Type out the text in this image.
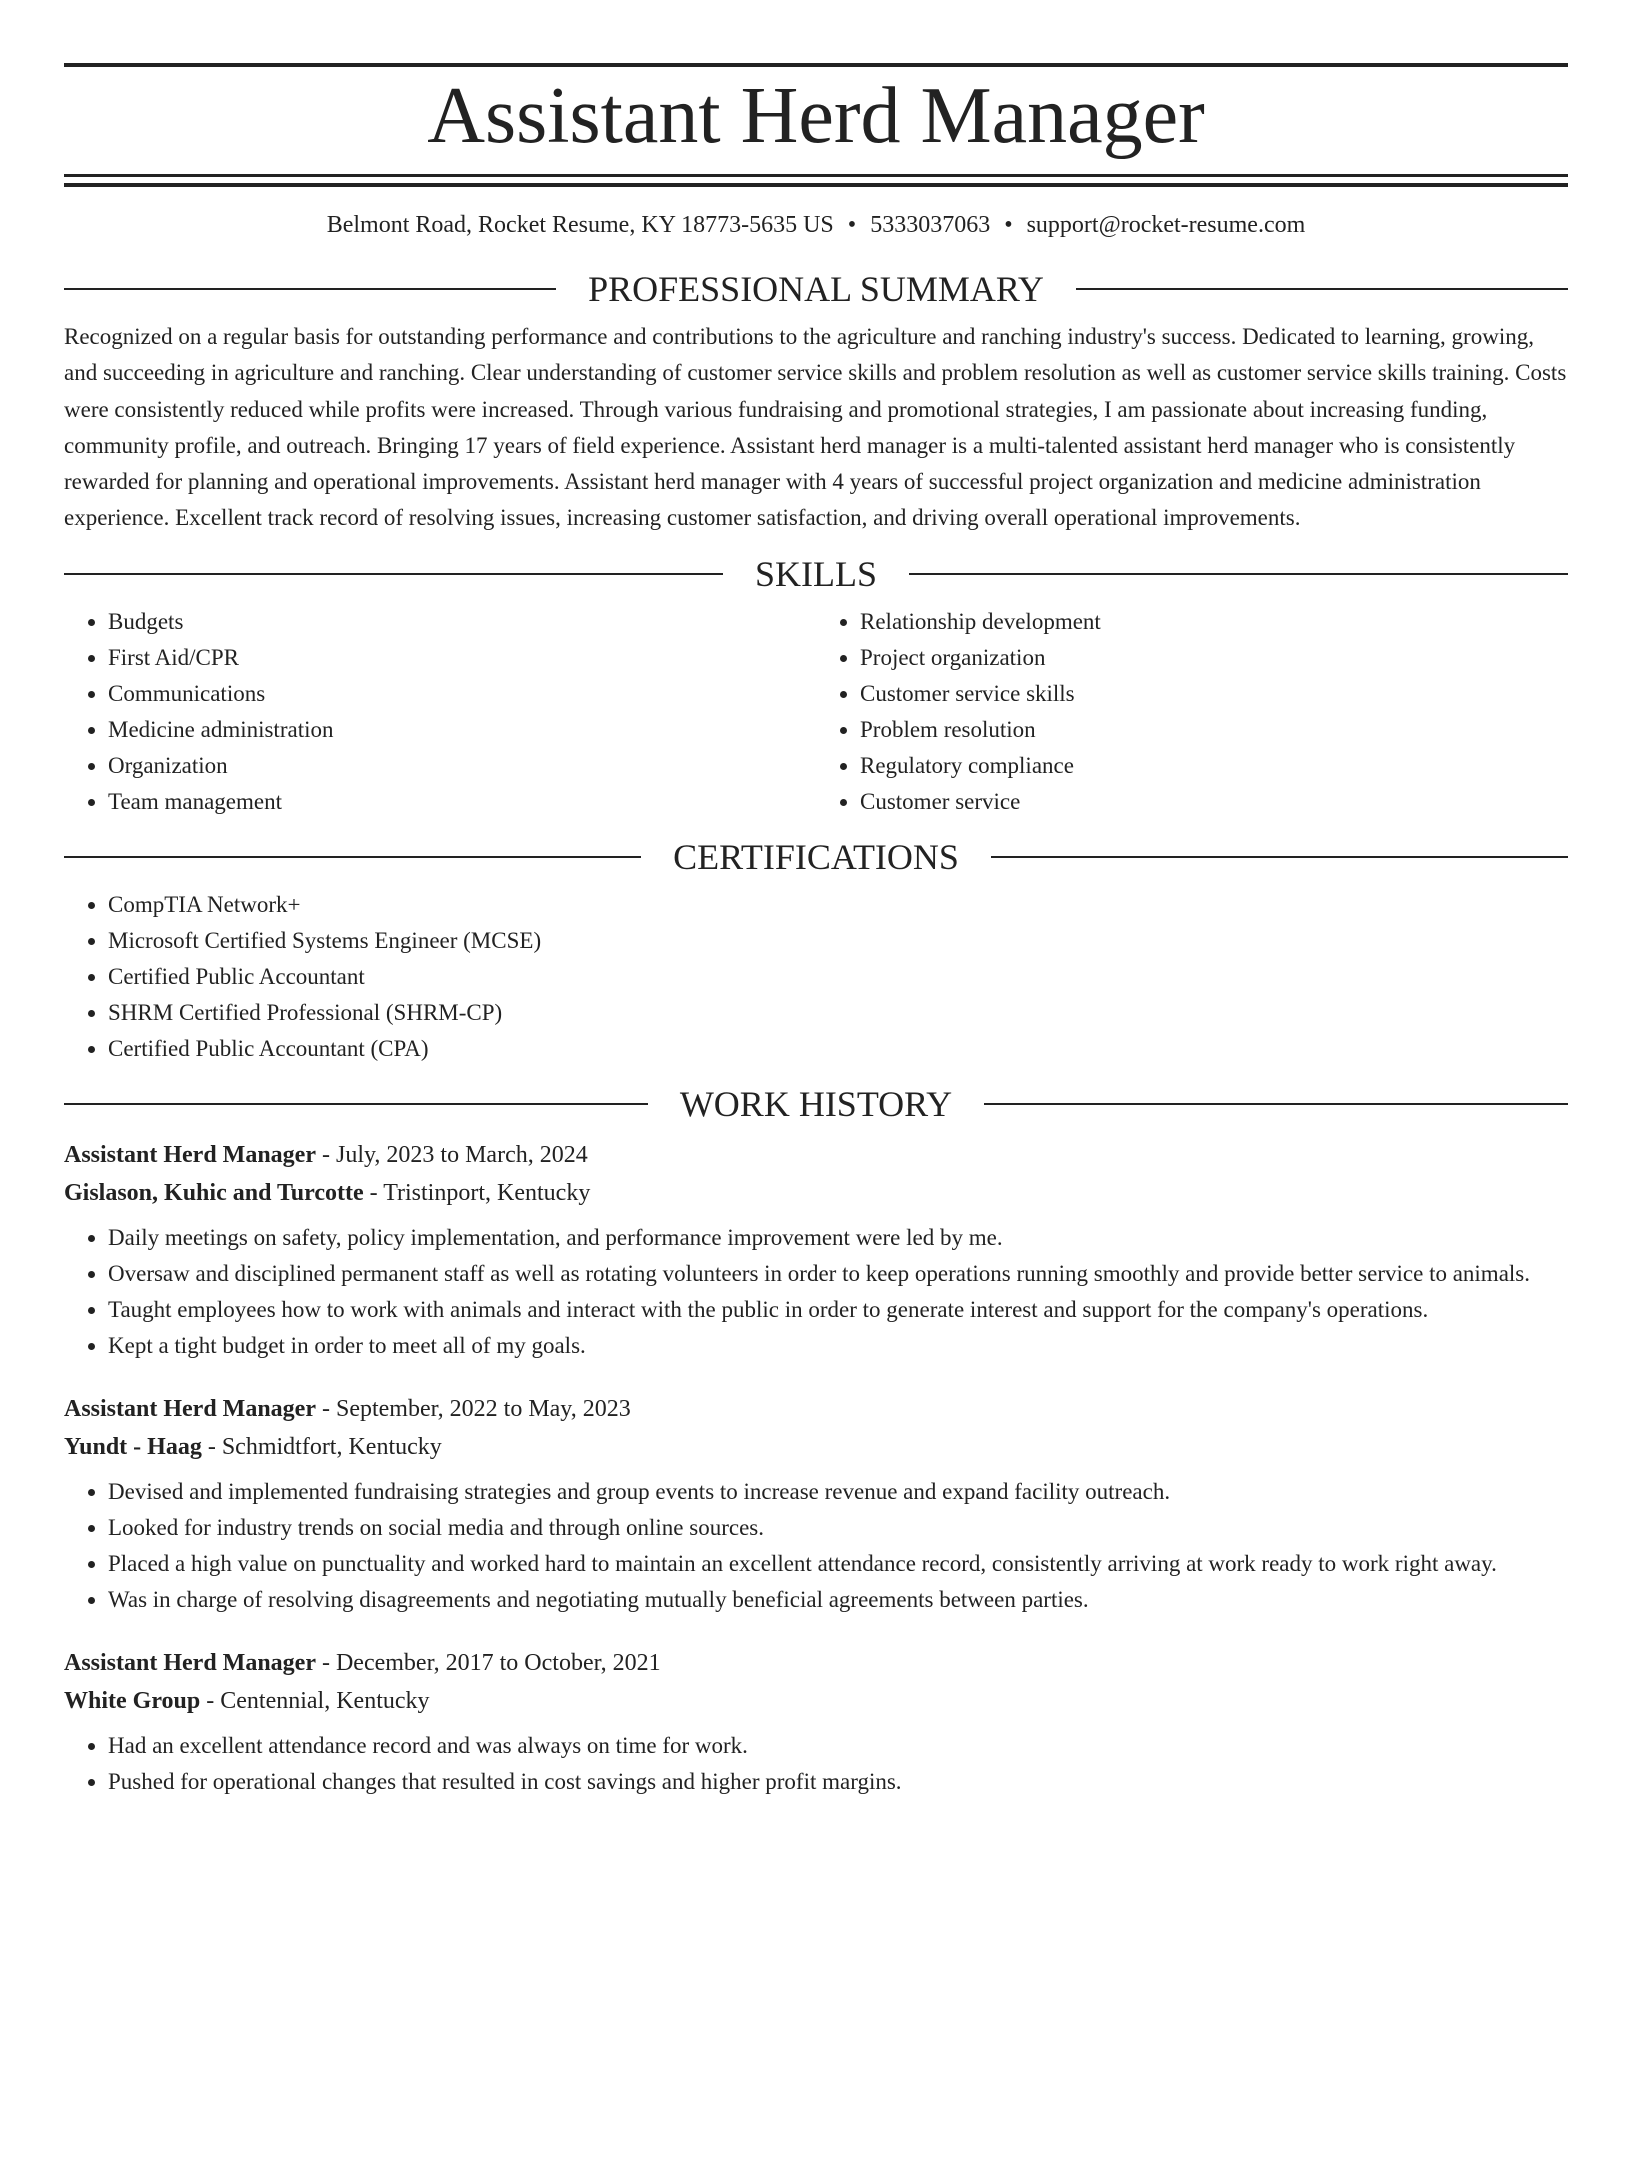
Assistant Herd Manager
Belmont Road, Rocket Resume, KY 18773-5635 US • 5333037063 • support@rocket-resume.com
PROFESSIONAL SUMMARY

Recognized on a regular basis for outstanding performance and contributions to the agriculture and ranching industry's success. Dedicated to learning, growing, and succeeding in agriculture and ranching. Clear understanding of customer service skills and problem resolution as well as customer service skills training. Costs were consistently reduced while profits were increased. Through various fundraising and promotional strategies, I am passionate about increasing funding, community profile, and outreach. Bringing 17 years of field experience. Assistant herd manager is a multi-talented assistant herd manager who is consistently rewarded for planning and operational improvements. Assistant herd manager with 4 years of successful project organization and medicine administration experience. Excellent track record of resolving issues, increasing customer satisfaction, and driving overall operational improvements.

SKILLS
• Budgets
• First Aid/CPR
• Communications
• Medicine administration
• Organization
• Team management
• Relationship development
• Project organization
• Customer service skills
• Problem resolution
• Regulatory compliance
• Customer service
CERTIFICATIONS
• CompTIA Network+
• Microsoft Certified Systems Engineer (MCSE)
• Certified Public Accountant
• SHRM Certified Professional (SHRM-CP)
• Certified Public Accountant (CPA)
WORK HISTORY
Assistant Herd Manager - July, 2023 to March, 2024
Gislason, Kuhic and Turcotte - Tristinport, Kentucky
• Daily meetings on safety, policy implementation, and performance improvement were led by me.
• Oversaw and disciplined permanent staff as well as rotating volunteers in order to keep operations running smoothly and provide better service to animals.
• Taught employees how to work with animals and interact with the public in order to generate interest and support for the company's operations.
• Kept a tight budget in order to meet all of my goals.
Assistant Herd Manager - September, 2022 to May, 2023
Yundt - Haag - Schmidtfort, Kentucky
• Devised and implemented fundraising strategies and group events to increase revenue and expand facility outreach.
• Looked for industry trends on social media and through online sources.
• Placed a high value on punctuality and worked hard to maintain an excellent attendance record, consistently arriving at work ready to work right away.
• Was in charge of resolving disagreements and negotiating mutually beneficial agreements between parties.
Assistant Herd Manager - December, 2017 to October, 2021
White Group - Centennial, Kentucky
• Had an excellent attendance record and was always on time for work.
• Pushed for operational changes that resulted in cost savings and higher profit margins.
